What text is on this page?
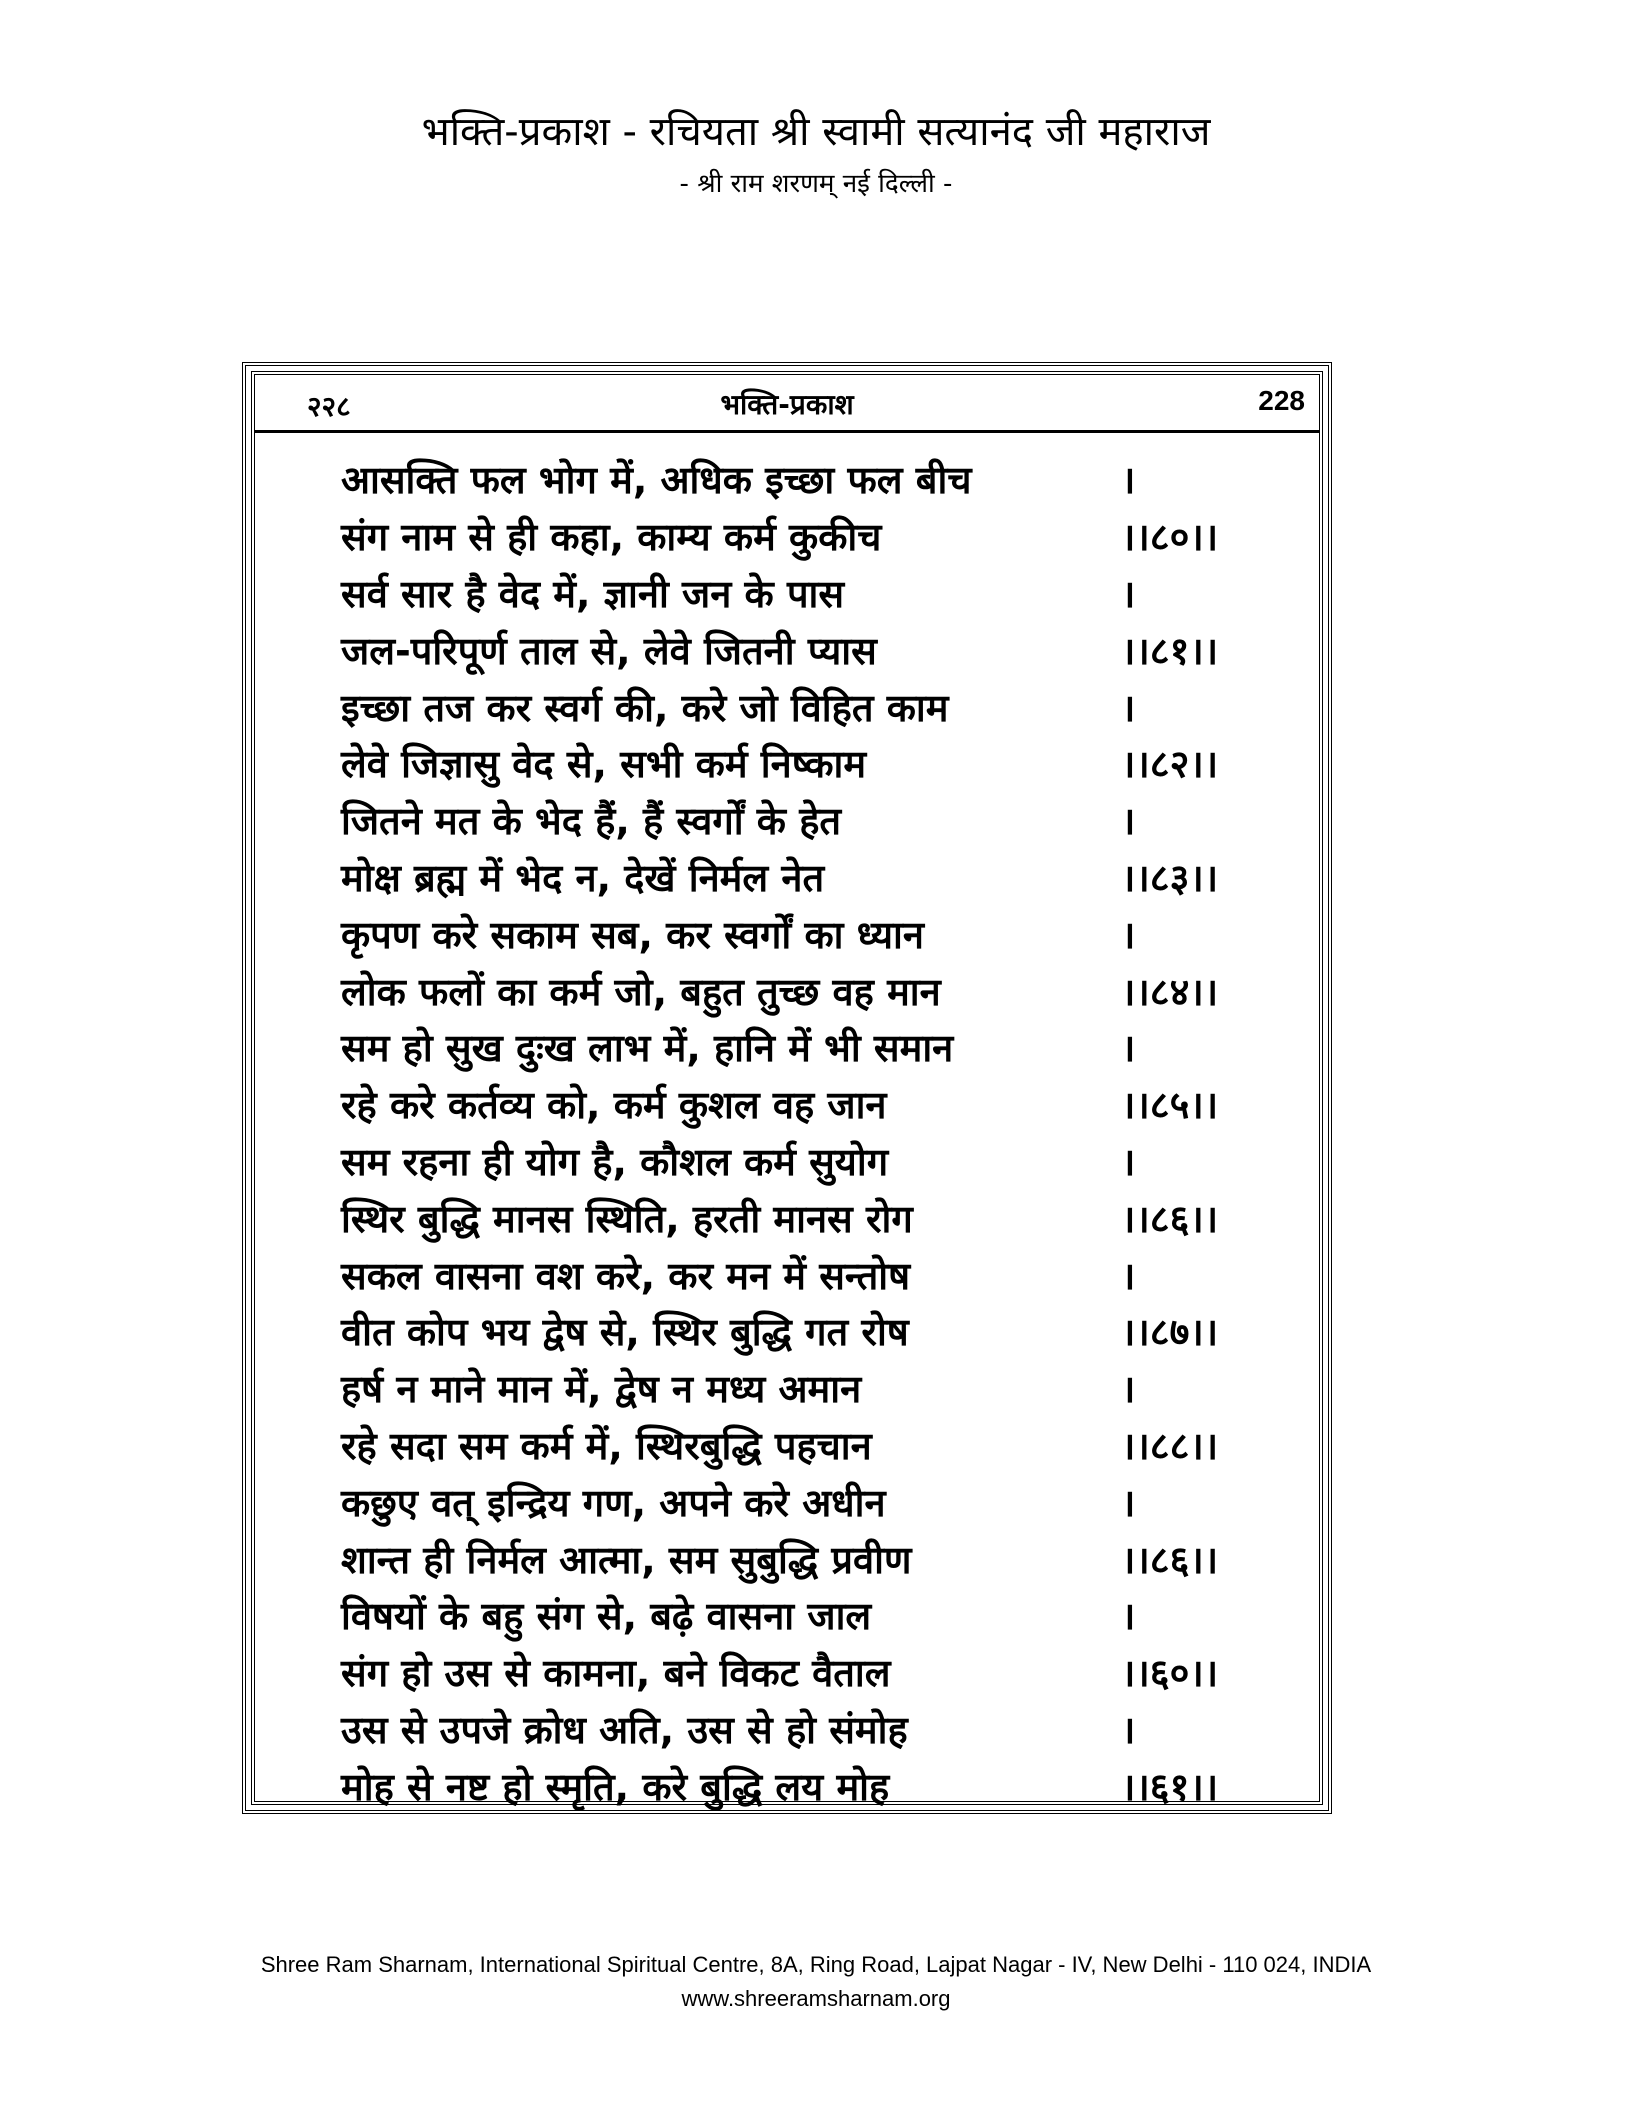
भक्ति-प्रकाश - रचियता श्री स्वामी सत्यानंद जी महाराज
- श्री राम शरणम् नई दिल्ली -
भक्ति-प्रकाश
२२८	228
आसक्ति फल भोग में, अधिक इच्छा फल बीच	।
संग नाम से ही कहा, काम्य कर्म कुकीच	।।८०।।
सर्व सार है वेद में, ज्ञानी जन के पास	।
जल-परिपूर्ण ताल से, लेवे जितनी प्यास	।।८१।।
इच्छा तज कर स्वर्ग की, करे जो विहित काम	।
लेवे जिज्ञासु वेद से, सभी कर्म निष्काम	।।८२।।
जितने मत के भेद हैं, हैं स्वर्गों के हेत	।
मोक्ष ब्रह्म में भेद न, देखें निर्मल नेत	।।८३।।
कृपण करे सकाम सब, कर स्वर्गों का ध्यान	।
लोक फलों का कर्म जो, बहुत तुच्छ वह मान	।।८४।।
सम हो सुख दुःख लाभ में, हानि में भी समान	।
रहे करे कर्तव्य को, कर्म कुशल वह जान	।।८५।।
सम रहना ही योग है, कौशल कर्म सुयोग	।
स्थिर बुद्धि मानस स्थिति, हरती मानस रोग	।।८६।।
सकल वासना वश करे, कर मन में सन्तोष	।
वीत कोप भय द्वेष से, स्थिर बुद्धि गत रोष	।।८७।।
हर्ष न माने मान में, द्वेष न मध्य अमान	।
रहे सदा सम कर्म में, स्थिरबुद्धि पहचान	।।८८।।
कछुए वत् इन्द्रिय गण, अपने करे अधीन	।
शान्त ही निर्मल आत्मा, सम सुबुद्धि प्रवीण	।।८६।।
विषयों के बहु संग से, बढ़े वासना जाल	।
संग हो उस से कामना, बने विकट वैताल	।।६०।।
उस से उपजे क्रोध अति, उस से हो संमोह	।
मोह से नष्ट हो स्मृति, करे बुद्धि लय मोह	।।६१।।
Shree Ram Sharnam, International Spiritual Centre, 8A, Ring Road, Lajpat Nagar - IV, New Delhi - 110 024, INDIA
www.shreeramsharnam.org
